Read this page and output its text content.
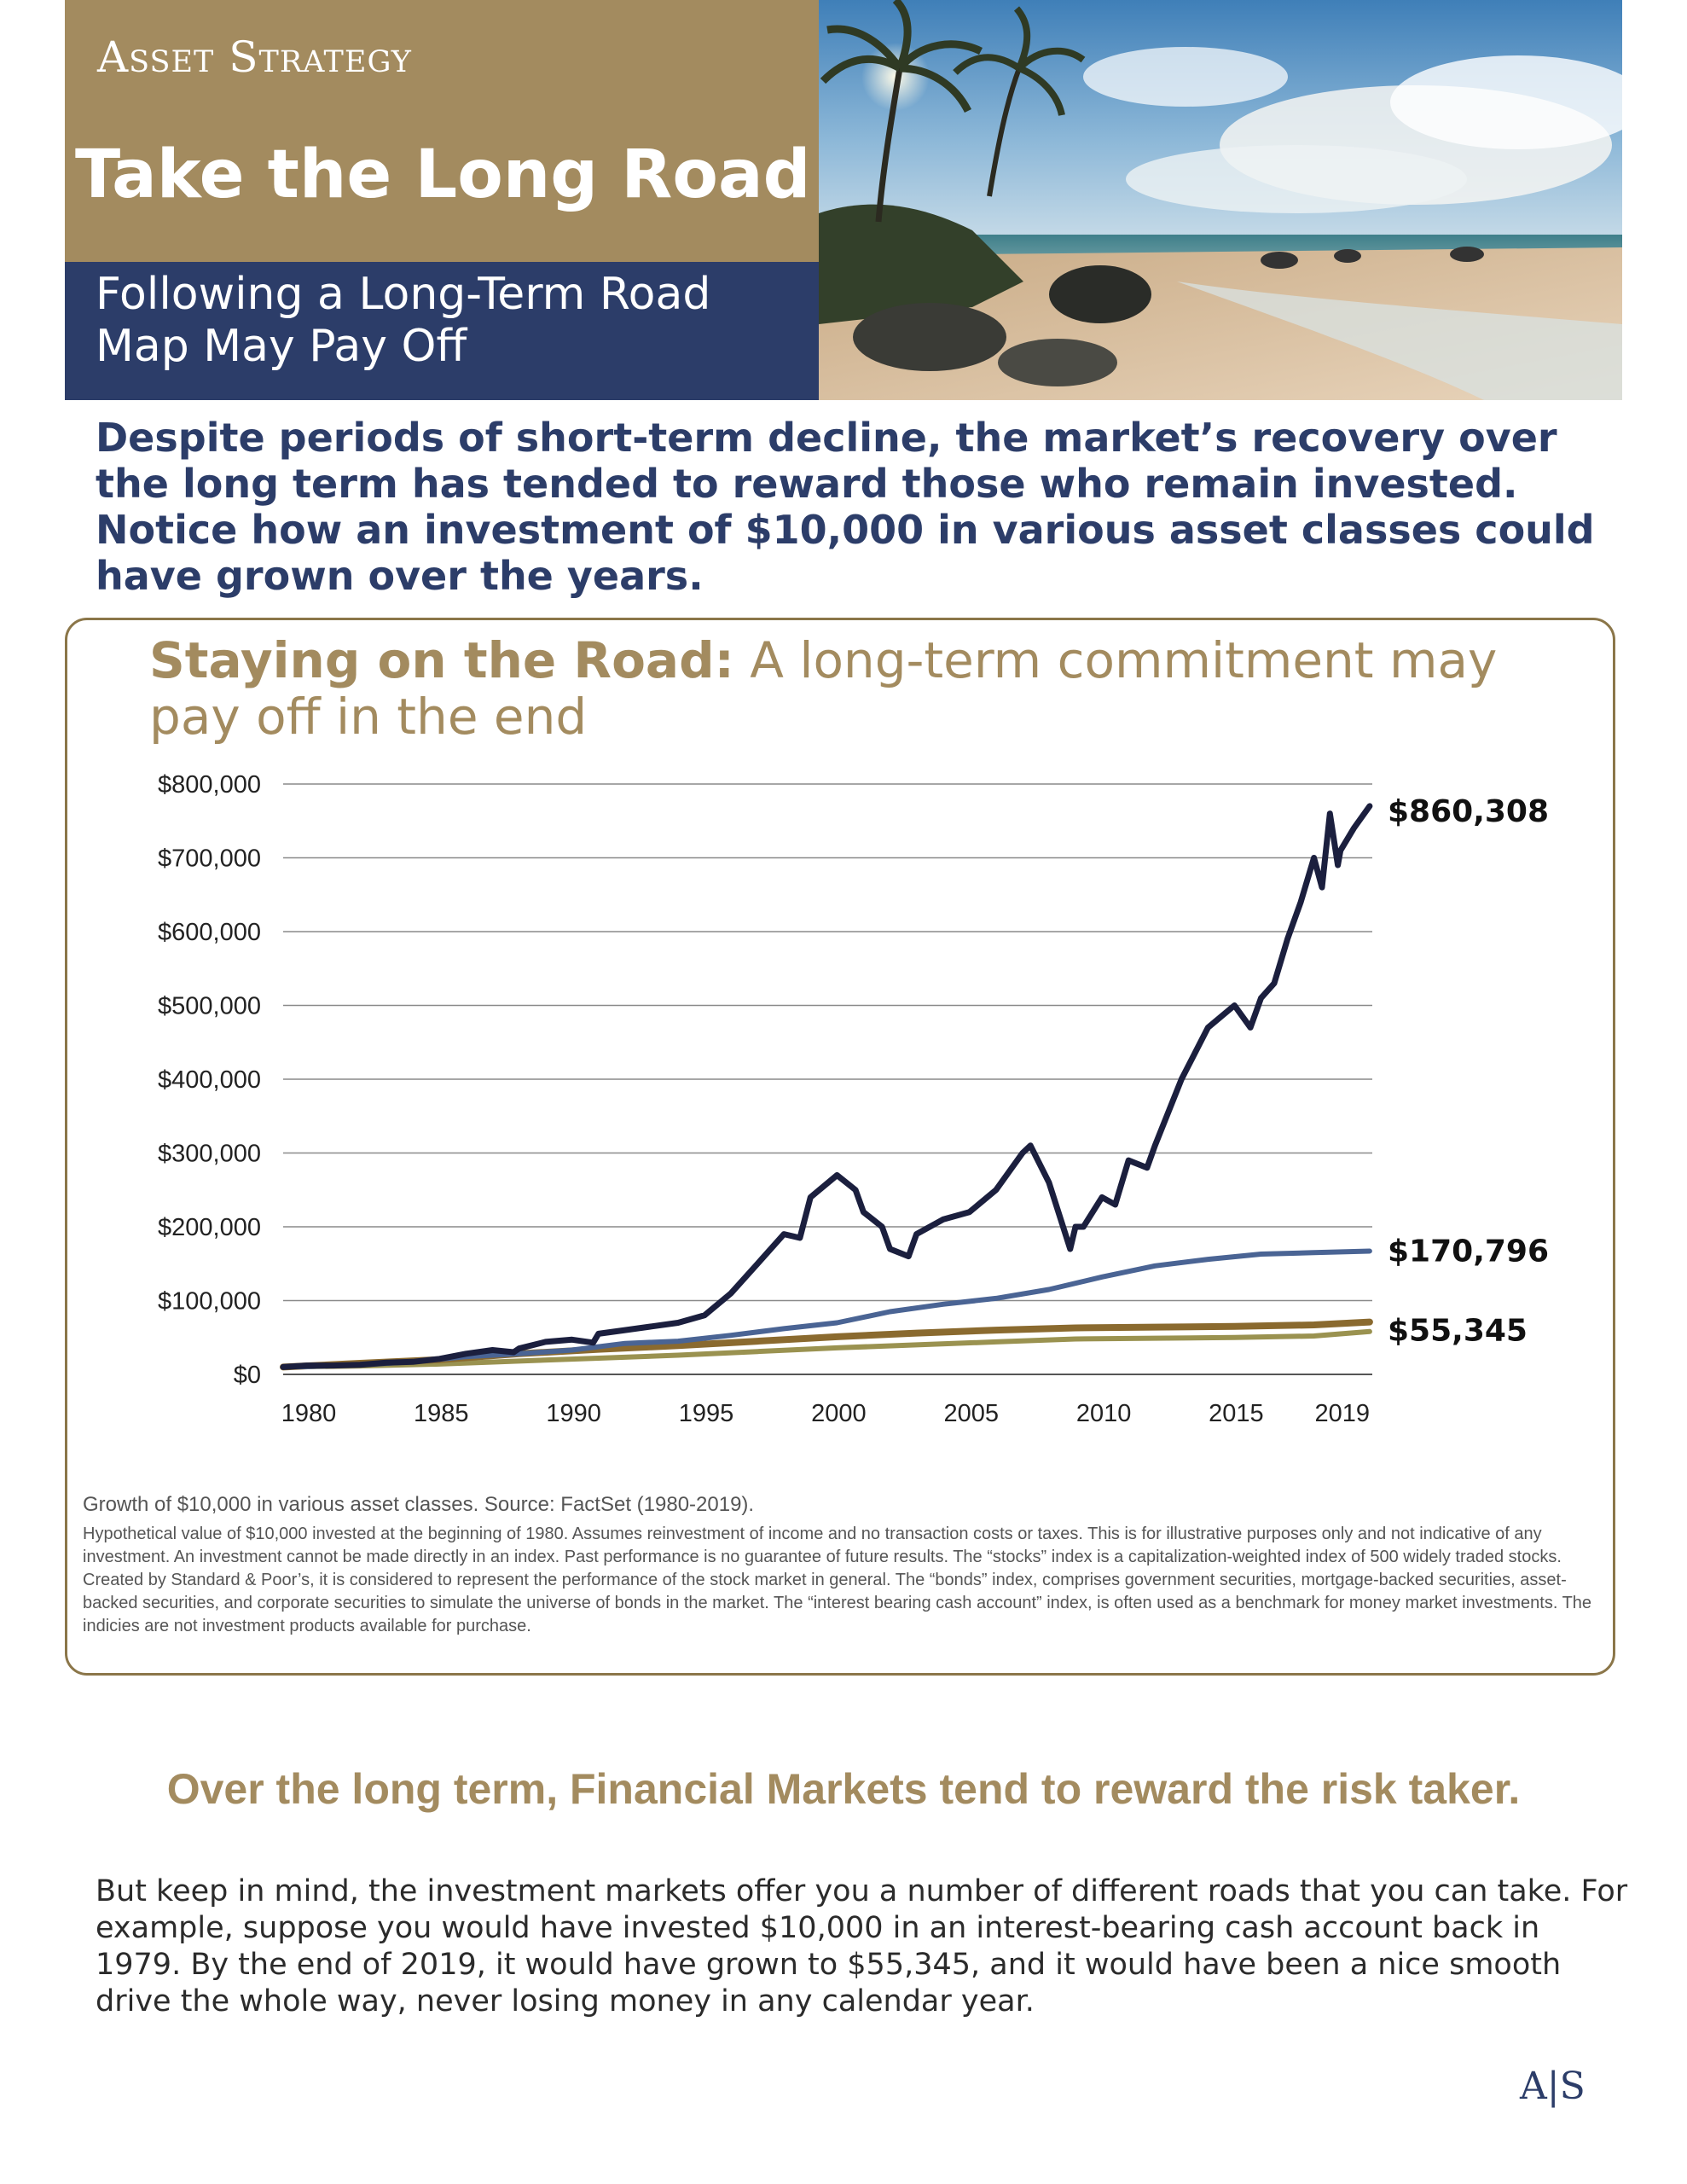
Asset Strategy

Take the Long Road
Following a Long-Term Road Map May Pay Off

Despite periods of short-term decline, the market’s recovery over the long term has tended to reward those who remain invested. Notice how an investment of $10,000 in various asset classes could have grown over the years.

Staying on the Road: A long-term commitment may pay off in the end
$0
$100,000
$200,000
$300,000
$400,000
$500,000
$600,000
$700,000
$800,000
1980	1985	1990	1995	2000	2005	2010	2015 2019
$860,308
$170,796
$55,345

Growth of $10,000 in various asset classes. Source: FactSet (1980-2019).

Hypothetical value of $10,000 invested at the beginning of 1980. Assumes reinvestment of income and no transaction costs or taxes. This is for illustrative purposes only and not indicative of any investment. An investment cannot be made directly in an index. Past performance is no guarantee of future results. The “stocks” index is a capitalization-weighted index of 500 widely traded stocks. Created by Standard & Poor’s, it is considered to represent the performance of the stock market in general. The “bonds” index, comprises government securities, mortgage-backed securities, asset-backed securities, and corporate securities to simulate the universe of bonds in the market. The “interest bearing cash account” index, is often used as a benchmark for money market investments. The indicies are not investment products available for purchase.

Over the long term, Financial Markets tend to reward the risk taker.

But keep in mind, the investment markets offer you a number of different roads that you can take. For example, suppose you would have invested $10,000 in an interest-bearing cash account back in 1979. By the end of 2019, it would have grown to $55,345, and it would have been a nice smooth drive the whole way, never losing money in any calendar year.

A|S
